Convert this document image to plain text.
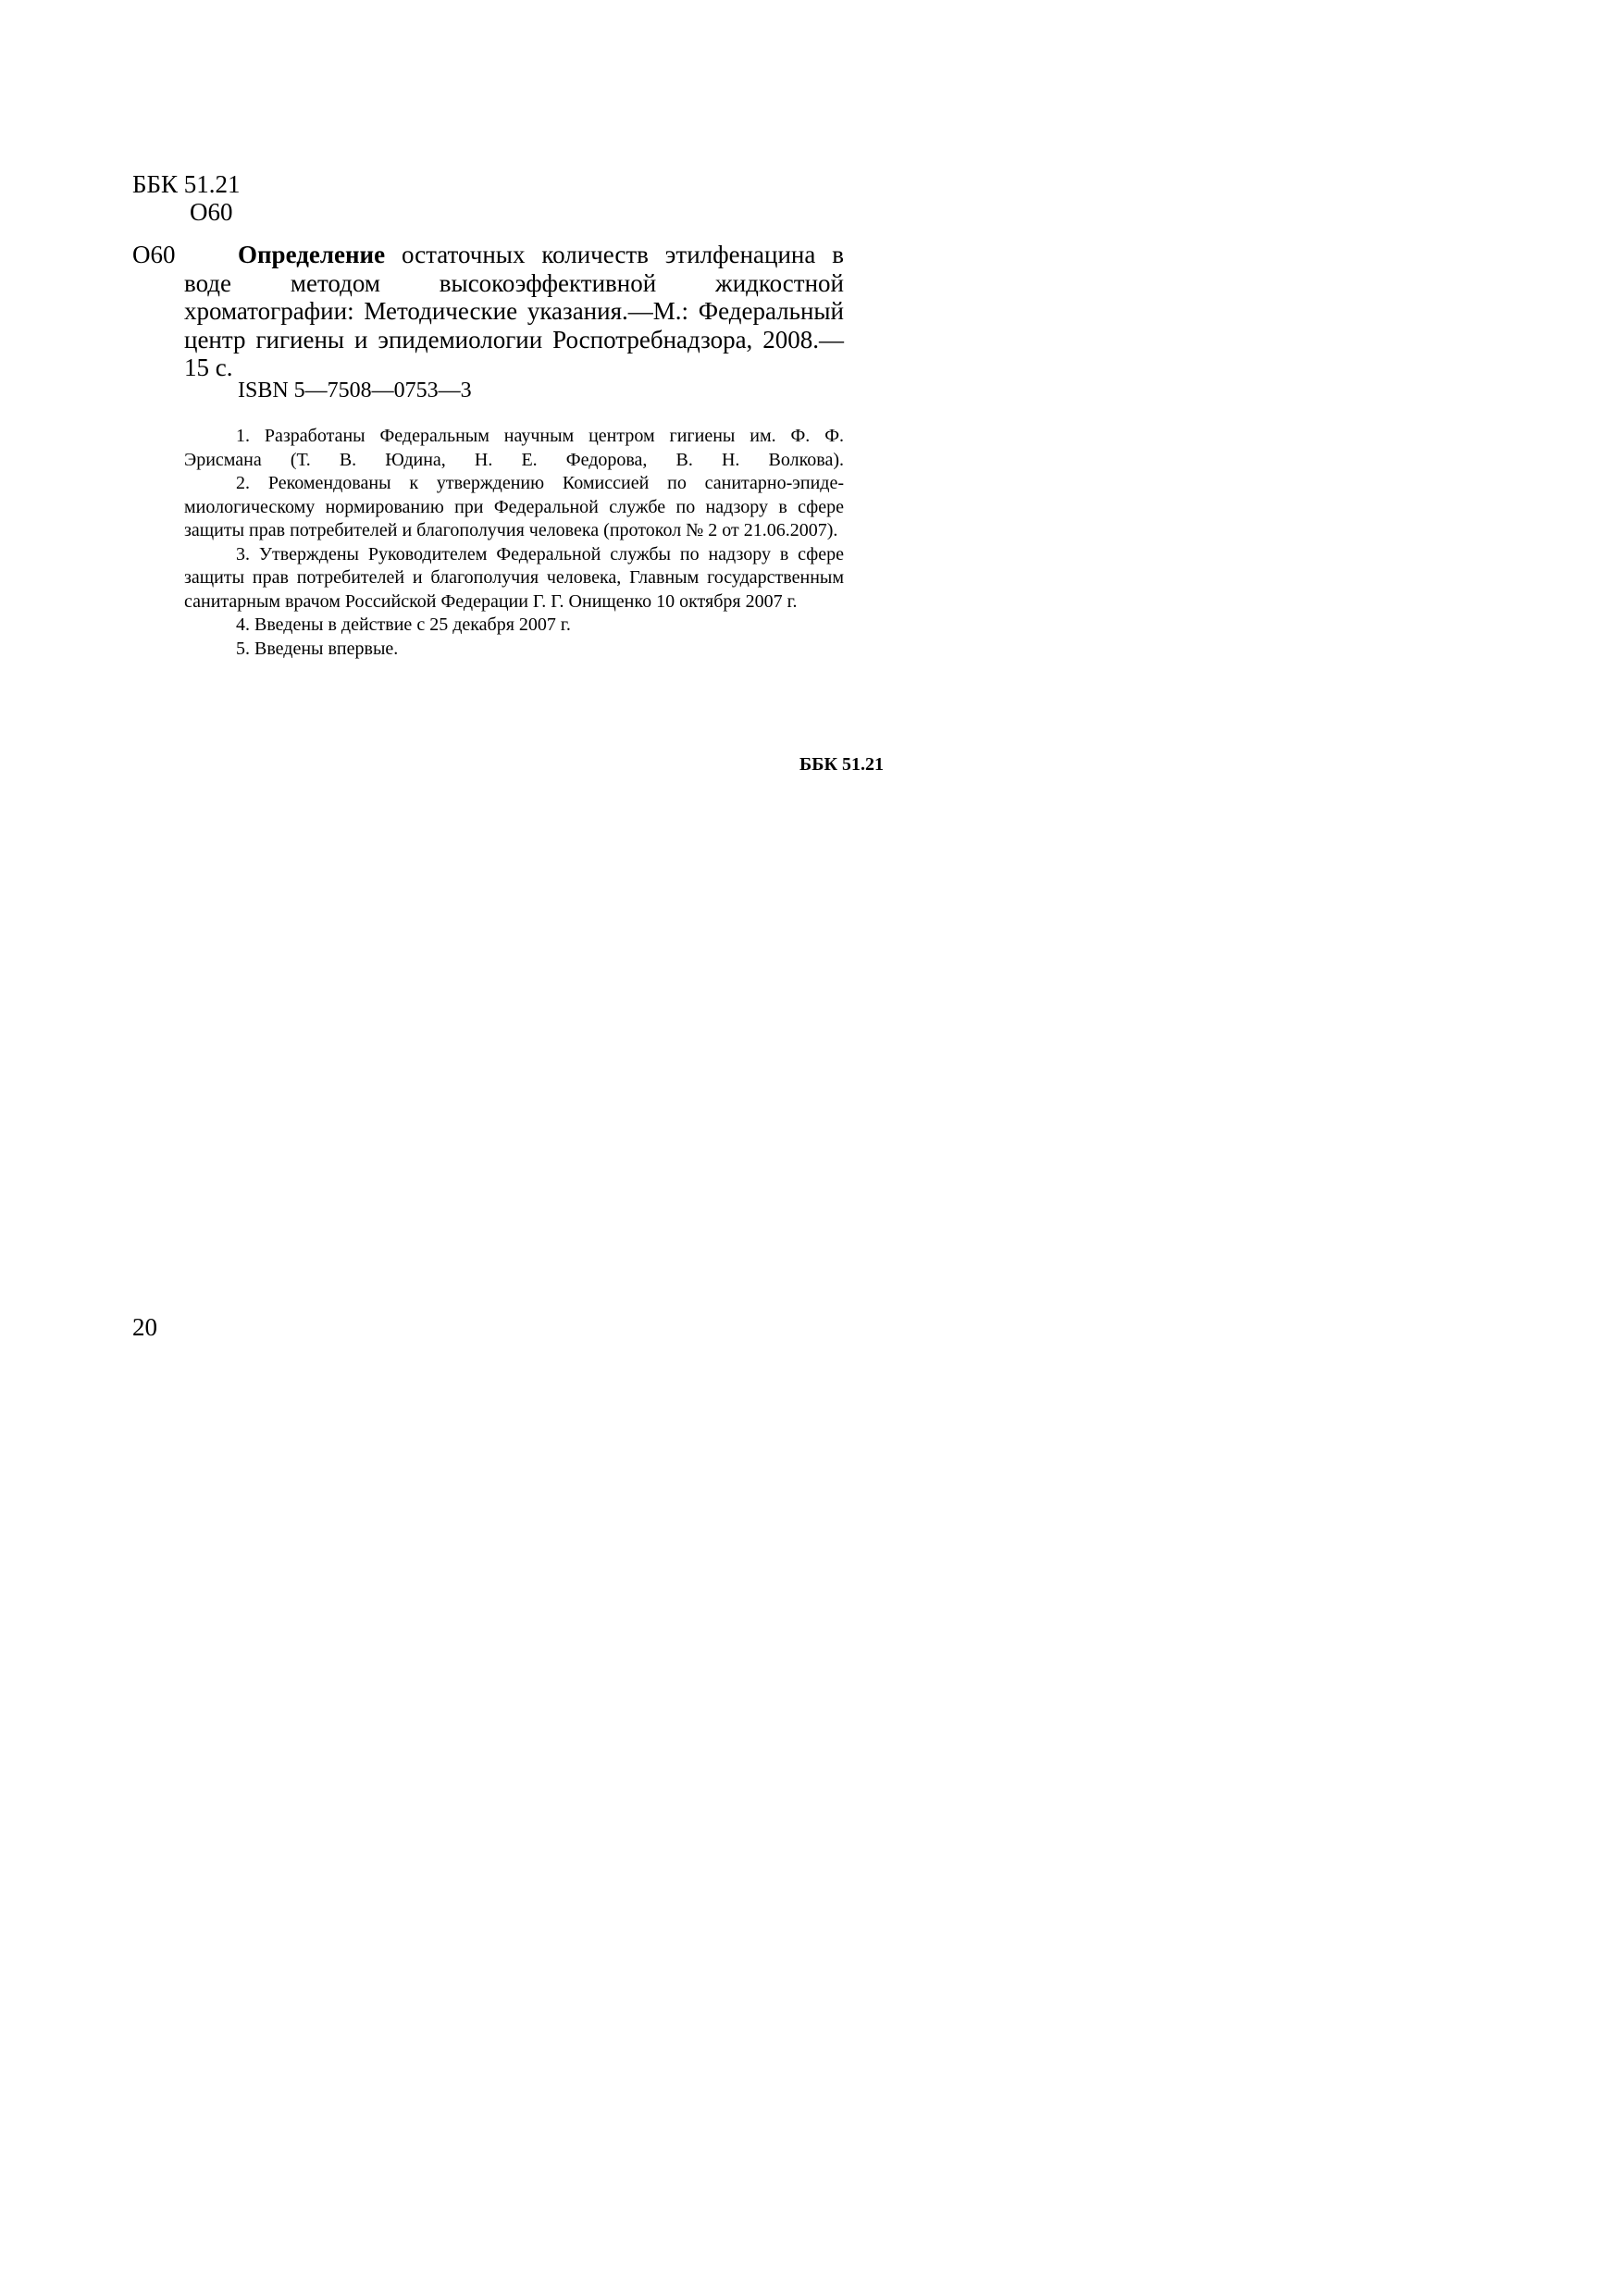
ББК 51.21
О60
О60	Определение остаточных количеств этилфенацина в воде методом высокоэффективной жидкостной хроматографии: Методические указания.—М.: Федеральный центр гигиены и эпидемиологии Роспотребнадзора, 2008.—15 с.

ISBN 5—7508—0753—3

1. Разработаны Федеральным научным центром гигиены им. Ф. Ф. Эрисмана (Т. В. Юдина, Н. Е. Федорова, В. Н. Волкова).

2. Рекомендованы к утверждению Комиссией по санитарно-эпидемиологическому нормированию при Федеральной службе по надзору в сфере защиты прав потребителей и благополучия человека (протокол № 2 от 21.06.2007).

3. Утверждены Руководителем Федеральной службы по надзору в сфере защиты прав потребителей и благополучия человека, Главным государственным санитарным врачом Российской Федерации Г. Г. Онищенко 10 октября 2007 г.

4. Введены в действие с 25 декабря 2007 г.

5. Введены впервые.

ББК 51.21
20
